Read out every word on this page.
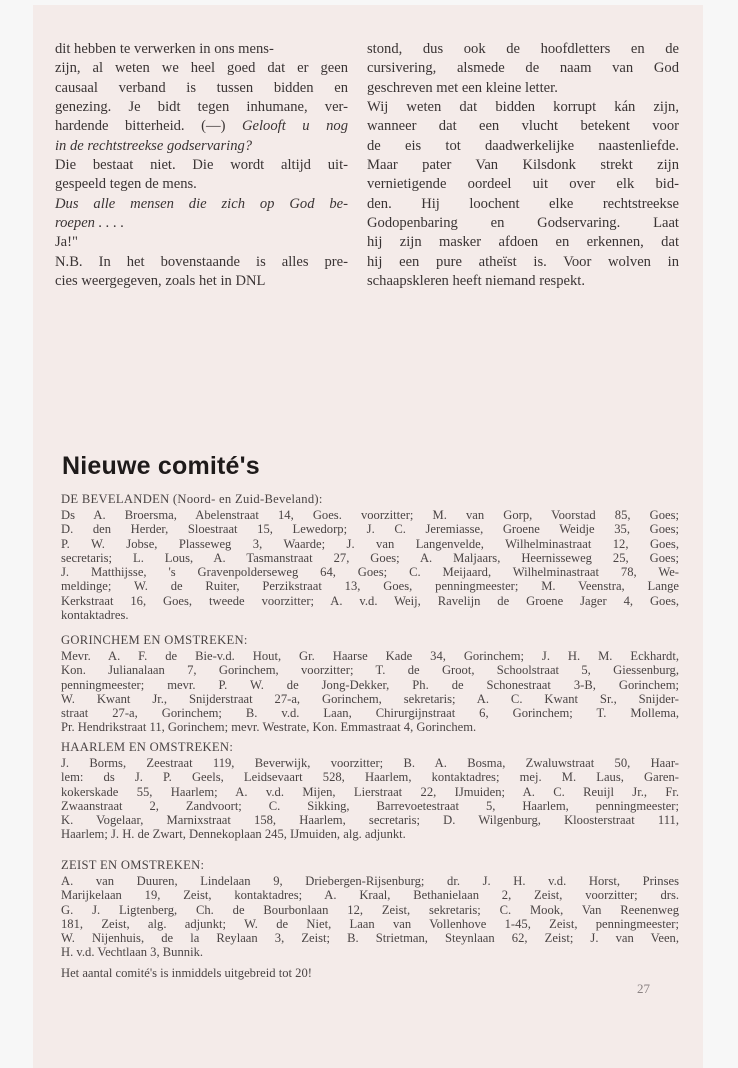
dit hebben te verwerken in ons mens-
zijn, al weten we heel goed dat er geen
causaal verband is tussen bidden en
genezing. Je bidt tegen inhumane, ver-
hardende bitterheid. (—) Gelooft u nog
in de rechtstreekse godservaring?
Die bestaat niet. Die wordt altijd uit-
gespeeld tegen de mens.
Dus alle mensen die zich op God be-
roepen . . . .
Ja!"
N.B. In het bovenstaande is alles pre-
cies weergegeven, zoals het in DNL
stond, dus ook de hoofdletters en de
cursivering, alsmede de naam van God
geschreven met een kleine letter.
Wij weten dat bidden korrupt kán zijn,
wanneer dat een vlucht betekent voor
de eis tot daadwerkelijke naastenliefde.
Maar pater Van Kilsdonk strekt zijn
vernietigende oordeel uit over elk bid-
den. Hij loochent elke rechtstreekse
Godopenbaring en Godservaring. Laat
hij zijn masker afdoen en erkennen, dat
hij een pure atheïst is. Voor wolven in
schaapskleren heeft niemand respekt.
Nieuwe comité's
DE BEVELANDEN (Noord- en Zuid-Beveland):
Ds A. Broersma, Abelenstraat 14, Goes. voorzitter; M. van Gorp, Voorstad 85, Goes;
D. den Herder, Sloestraat 15, Lewedorp; J. C. Jeremiasse, Groene Weidje 35, Goes;
P. W. Jobse, Plasseweg 3, Waarde; J. van Langenvelde, Wilhelminastraat 12, Goes,
secretaris; L. Lous, A. Tasmanstraat 27, Goes; A. Maljaars, Heernisseweg 25, Goes;
J. Matthijsse, 's Gravenpolderseweg 64, Goes; C. Meijaard, Wilhelminastraat 78, We-
meldinge; W. de Ruiter, Perzikstraat 13, Goes, penningmeester; M. Veenstra, Lange
Kerkstraat 16, Goes, tweede voorzitter; A. v.d. Weij, Ravelijn de Groene Jager 4, Goes,
kontaktadres.
GORINCHEM EN OMSTREKEN:
Mevr. A. F. de Bie-v.d. Hout, Gr. Haarse Kade 34, Gorinchem; J. H. M. Eckhardt,
Kon. Julianalaan 7, Gorinchem, voorzitter; T. de Groot, Schoolstraat 5, Giessenburg,
penningmeester; mevr. P. W. de Jong-Dekker, Ph. de Schonestraat 3-B, Gorinchem;
W. Kwant Jr., Snijderstraat 27-a, Gorinchem, sekretaris; A. C. Kwant Sr., Snijder-
straat 27-a, Gorinchem; B. v.d. Laan, Chirurgijnstraat 6, Gorinchem; T. Mollema,
Pr. Hendrikstraat 11, Gorinchem; mevr. Westrate, Kon. Emmastraat 4, Gorinchem.
HAARLEM EN OMSTREKEN:
J. Borms, Zeestraat 119, Beverwijk, voorzitter; B. A. Bosma, Zwaluwstraat 50, Haar-
lem: ds J. P. Geels, Leidsevaart 528, Haarlem, kontaktadres; mej. M. Laus, Garen-
kokerskade 55, Haarlem; A. v.d. Mijen, Lierstraat 22, IJmuiden; A. C. Reuijl Jr., Fr.
Zwaanstraat 2, Zandvoort; C. Sikking, Barrevoetestraat 5, Haarlem, penningmeester;
K. Vogelaar, Marnixstraat 158, Haarlem, secretaris; D. Wilgenburg, Kloosterstraat 111,
Haarlem; J. H. de Zwart, Dennekoplaan 245, IJmuiden, alg. adjunkt.
ZEIST EN OMSTREKEN:
A. van Duuren, Lindelaan 9, Driebergen-Rijsenburg; dr. J. H. v.d. Horst, Prinses
Marijkelaan 19, Zeist, kontaktadres; A. Kraal, Bethanielaan 2, Zeist, voorzitter; drs.
G. J. Ligtenberg, Ch. de Bourbonlaan 12, Zeist, sekretaris; C. Mook, Van Reenenweg
181, Zeist, alg. adjunkt; W. de Niet, Laan van Vollenhove 1-45, Zeist, penningmeester;
W. Nijenhuis, de la Reylaan 3, Zeist; B. Strietman, Steynlaan 62, Zeist; J. van Veen,
H. v.d. Vechtlaan 3, Bunnik.
Het aantal comité's is inmiddels uitgebreid tot 20!
27
